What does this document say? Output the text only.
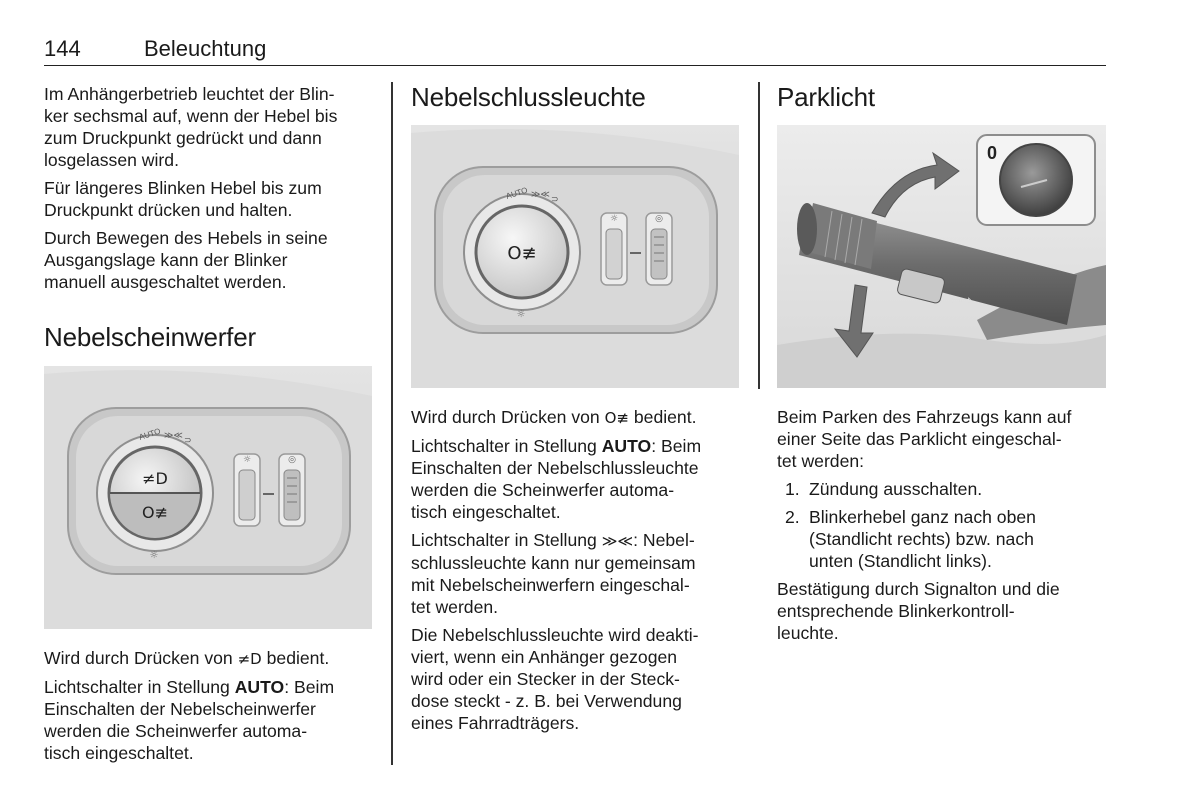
144	Beleuchtung

Im Anhängerbetrieb leuchtet der Blin-
ker sechsmal auf, wenn der Hebel bis
zum Druckpunkt gedrückt und dann
losgelassen wird.

Für längeres Blinken Hebel bis zum
Druckpunkt drücken und halten.

Durch Bewegen des Hebels in seine
Ausgangslage kann der Blinker
manuell ausgeschaltet werden.

Nebelscheinwerfer
≠D
O≢
AUTO ≫≪ ⊃
☼
☼	◎

Wird durch Drücken von ≠D bedient.

Lichtschalter in Stellung AUTO: Beim
Einschalten der Nebelscheinwerfer
werden die Scheinwerfer automa-
tisch eingeschaltet.

Nebelschlussleuchte
O≢
AUTO ≫≪ ⊃
☼
☼	◎

Wird durch Drücken von O≢ bedient.

Lichtschalter in Stellung AUTO: Beim
Einschalten der Nebelschlussleuchte
werden die Scheinwerfer automa-
tisch eingeschaltet.

Lichtschalter in Stellung ≫≪: Nebel-
schlussleuchte kann nur gemeinsam
mit Nebelscheinwerfern eingeschal-
tet werden.

Die Nebelschlussleuchte wird deakti-
viert, wenn ein Anhänger gezogen
wird oder ein Stecker in der Steck-
dose steckt - z. B. bei Verwendung
eines Fahrradträgers.

Parklicht
⇦⇨
0

Beim Parken des Fahrzeugs kann auf
einer Seite das Parklicht eingeschal-
tet werden:

1. Zündung ausschalten.
2. Blinkerhebel ganz nach oben
(Standlicht rechts) bzw. nach
unten (Standlicht links).

Bestätigung durch Signalton und die
entsprechende Blinkerkontroll-
leuchte.
